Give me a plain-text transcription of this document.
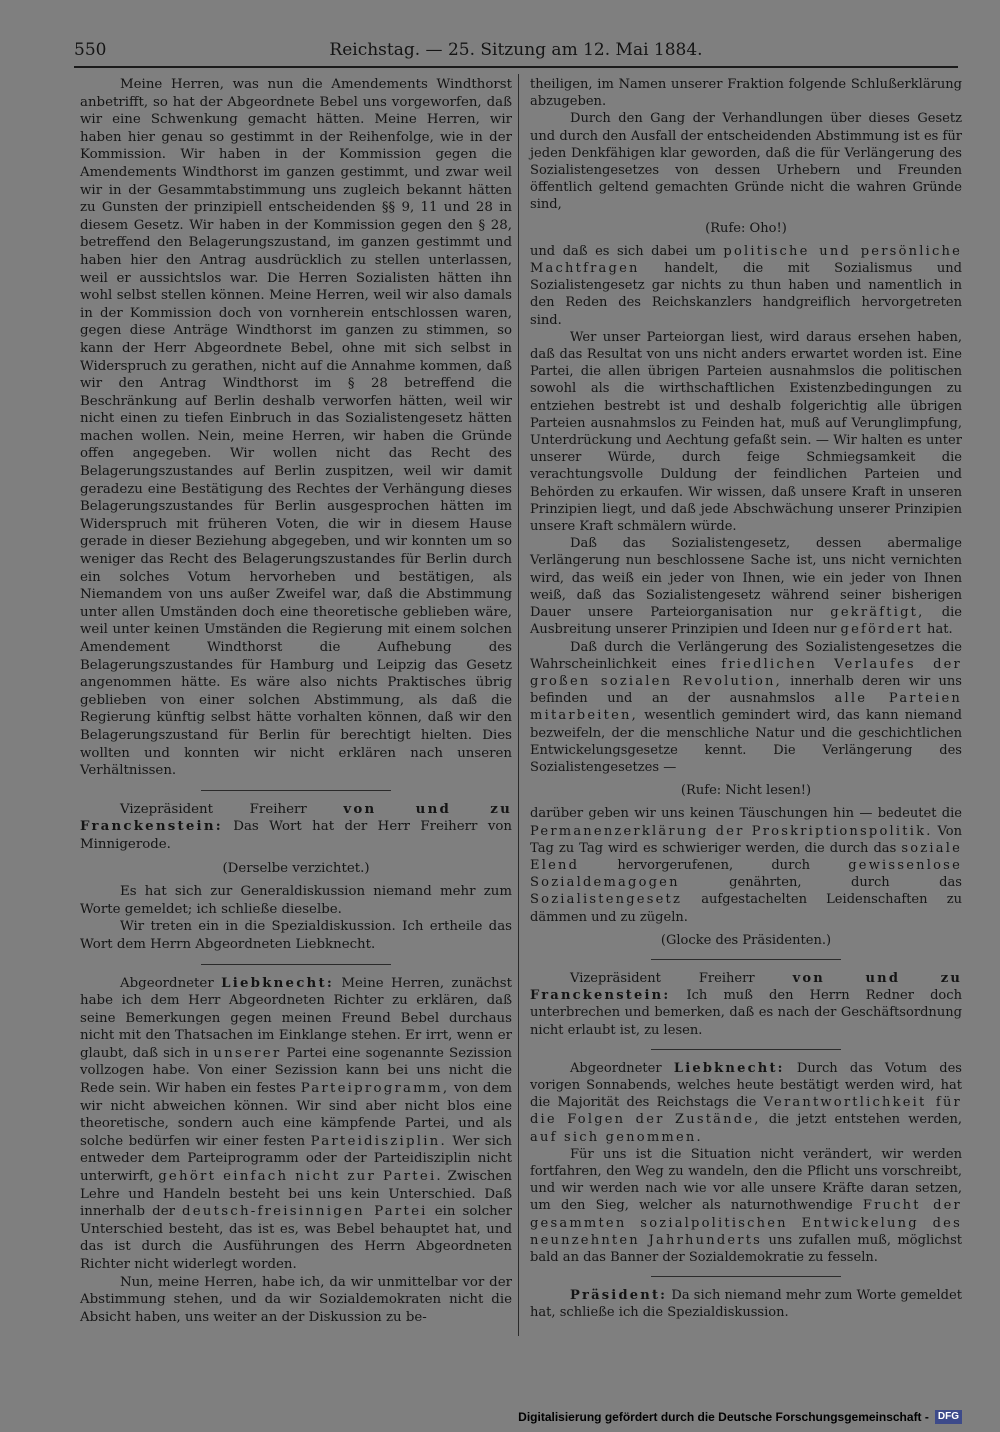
550	Reichstag. — 25. Sitzung am 12. Mai 1884.

Meine Herren, was nun die Amendements Windthorst anbetrifft, so hat der Abgeordnete Bebel uns vorgeworfen, daß wir eine Schwenkung gemacht hätten. Meine Herren, wir haben hier genau so gestimmt in der Reihenfolge, wie in der Kommission. Wir haben in der Kommission gegen die Amendements Windthorst im ganzen gestimmt, und zwar weil wir in der Gesammtabstimmung uns zugleich bekannt hätten zu Gunsten der prinzipiell entscheidenden §§ 9, 11 und 28 in diesem Gesetz. Wir haben in der Kommission gegen den § 28, betreffend den Belagerungszustand, im ganzen gestimmt und haben hier den Antrag ausdrücklich zu stellen unterlassen, weil er aussichtslos war. Die Herren Sozialisten hätten ihn wohl selbst stellen können. Meine Herren, weil wir also damals in der Kommission doch von vornherein entschlossen waren, gegen diese Anträge Windthorst im ganzen zu stimmen, so kann der Herr Abgeordnete Bebel, ohne mit sich selbst in Widerspruch zu gerathen, nicht auf die Annahme kommen, daß wir den Antrag Windthorst im § 28 betreffend die Beschränkung auf Berlin deshalb verworfen hätten, weil wir nicht einen zu tiefen Einbruch in das Sozialistengesetz hätten machen wollen. Nein, meine Herren, wir haben die Gründe offen angegeben. Wir wollen nicht das Recht des Belagerungszustandes auf Berlin zuspitzen, weil wir damit geradezu eine Bestätigung des Rechtes der Verhängung dieses Belagerungszustandes für Berlin ausgesprochen hätten im Widerspruch mit früheren Voten, die wir in diesem Hause gerade in dieser Beziehung abgegeben, und wir konnten um so weniger das Recht des Belagerungszustandes für Berlin durch ein solches Votum hervorheben und bestätigen, als Niemandem von uns außer Zweifel war, daß die Abstimmung unter allen Umständen doch eine theoretische geblieben wäre, weil unter keinen Umständen die Regierung mit einem solchen Amendement Windthorst die Aufhebung des Belagerungszustandes für Hamburg und Leipzig das Gesetz angenommen hätte. Es wäre also nichts Praktisches übrig geblieben von einer solchen Abstimmung, als daß die Regierung künftig selbst hätte vorhalten können, daß wir den Belagerungszustand für Berlin für berechtigt hielten. Dies wollten und konnten wir nicht erklären nach unseren Verhältnissen.

Vizepräsident Freiherr von und zu Franckenstein: Das Wort hat der Herr Freiherr von Minnigerode.

(Derselbe verzichtet.)

Es hat sich zur Generaldiskussion niemand mehr zum Worte gemeldet; ich schließe dieselbe.

Wir treten ein in die Spezialdiskussion. Ich ertheile das Wort dem Herrn Abgeordneten Liebknecht.

Abgeordneter Liebknecht: Meine Herren, zunächst habe ich dem Herr Abgeordneten Richter zu erklären, daß seine Bemerkungen gegen meinen Freund Bebel durchaus nicht mit den Thatsachen im Einklange stehen. Er irrt, wenn er glaubt, daß sich in unserer Partei eine sogenannte Sezission vollzogen habe. Von einer Sezission kann bei uns nicht die Rede sein. Wir haben ein festes Parteiprogramm, von dem wir nicht abweichen können. Wir sind aber nicht blos eine theoretische, sondern auch eine kämpfende Partei, und als solche bedürfen wir einer festen Parteidisziplin. Wer sich entweder dem Parteiprogramm oder der Parteidisziplin nicht unterwirft, gehört einfach nicht zur Partei. Zwischen Lehre und Handeln besteht bei uns kein Unterschied. Daß innerhalb der deutsch-freisinnigen Partei ein solcher Unterschied besteht, das ist es, was Bebel behauptet hat, und das ist durch die Ausführungen des Herrn Abgeordneten Richter nicht widerlegt worden.

Nun, meine Herren, habe ich, da wir unmittelbar vor der Abstimmung stehen, und da wir Sozialdemokraten nicht die Absicht haben, uns weiter an der Diskussion zu be-

theiligen, im Namen unserer Fraktion folgende Schlußerklärung abzugeben.

Durch den Gang der Verhandlungen über dieses Gesetz und durch den Ausfall der entscheidenden Abstimmung ist es für jeden Denkfähigen klar geworden, daß die für Verlängerung des Sozialistengesetzes von dessen Urhebern und Freunden öffentlich geltend gemachten Gründe nicht die wahren Gründe sind,

(Rufe: Oho!)

und daß es sich dabei um politische und persönliche Machtfragen handelt, die mit Sozialismus und Sozialistengesetz gar nichts zu thun haben und namentlich in den Reden des Reichskanzlers handgreiflich hervorgetreten sind.

Wer unser Parteiorgan liest, wird daraus ersehen haben, daß das Resultat von uns nicht anders erwartet worden ist. Eine Partei, die allen übrigen Parteien ausnahmslos die politischen sowohl als die wirthschaftlichen Existenzbedingungen zu entziehen bestrebt ist und deshalb folgerichtig alle übrigen Parteien ausnahmslos zu Feinden hat, muß auf Verunglimpfung, Unterdrückung und Aechtung gefaßt sein. — Wir halten es unter unserer Würde, durch feige Schmiegsamkeit die verachtungsvolle Duldung der feindlichen Parteien und Behörden zu erkaufen. Wir wissen, daß unsere Kraft in unseren Prinzipien liegt, und daß jede Abschwächung unserer Prinzipien unsere Kraft schmälern würde.

Daß das Sozialistengesetz, dessen abermalige Verlängerung nun beschlossene Sache ist, uns nicht vernichten wird, das weiß ein jeder von Ihnen, wie ein jeder von Ihnen weiß, daß das Sozialistengesetz während seiner bisherigen Dauer unsere Parteiorganisation nur gekräftigt, die Ausbreitung unserer Prinzipien und Ideen nur gefördert hat.

Daß durch die Verlängerung des Sozialistengesetzes die Wahrscheinlichkeit eines friedlichen Verlaufes der großen sozialen Revolution, innerhalb deren wir uns befinden und an der ausnahmslos alle Parteien mitarbeiten, wesentlich gemindert wird, das kann niemand bezweifeln, der die menschliche Natur und die geschichtlichen Entwickelungsgesetze kennt. Die Verlängerung des Sozialistengesetzes —

(Rufe: Nicht lesen!)

darüber geben wir uns keinen Täuschungen hin — bedeutet die Permanenzerklärung der Proskriptionspolitik. Von Tag zu Tag wird es schwieriger werden, die durch das soziale Elend hervorgerufenen, durch gewissenlose Sozialdemagogen genährten, durch das Sozialistengesetz aufgestachelten Leidenschaften zu dämmen und zu zügeln.

(Glocke des Präsidenten.)

Vizepräsident Freiherr von und zu Franckenstein: Ich muß den Herrn Redner doch unterbrechen und bemerken, daß es nach der Geschäftsordnung nicht erlaubt ist, zu lesen.

Abgeordneter Liebknecht: Durch das Votum des vorigen Sonnabends, welches heute bestätigt werden wird, hat die Majorität des Reichstags die Verantwortlichkeit für die Folgen der Zustände, die jetzt entstehen werden, auf sich genommen.

Für uns ist die Situation nicht verändert, wir werden fortfahren, den Weg zu wandeln, den die Pflicht uns vorschreibt, und wir werden nach wie vor alle unsere Kräfte daran setzen, um den Sieg, welcher als naturnothwendige Frucht der gesammten sozialpolitischen Entwickelung des neunzehnten Jahrhunderts uns zufallen muß, möglichst bald an das Banner der Sozialdemokratie zu fesseln.

Präsident: Da sich niemand mehr zum Worte gemeldet hat, schließe ich die Spezialdiskussion.

Digitalisierung gefördert durch die Deutsche Forschungsgemeinschaft - DFG
